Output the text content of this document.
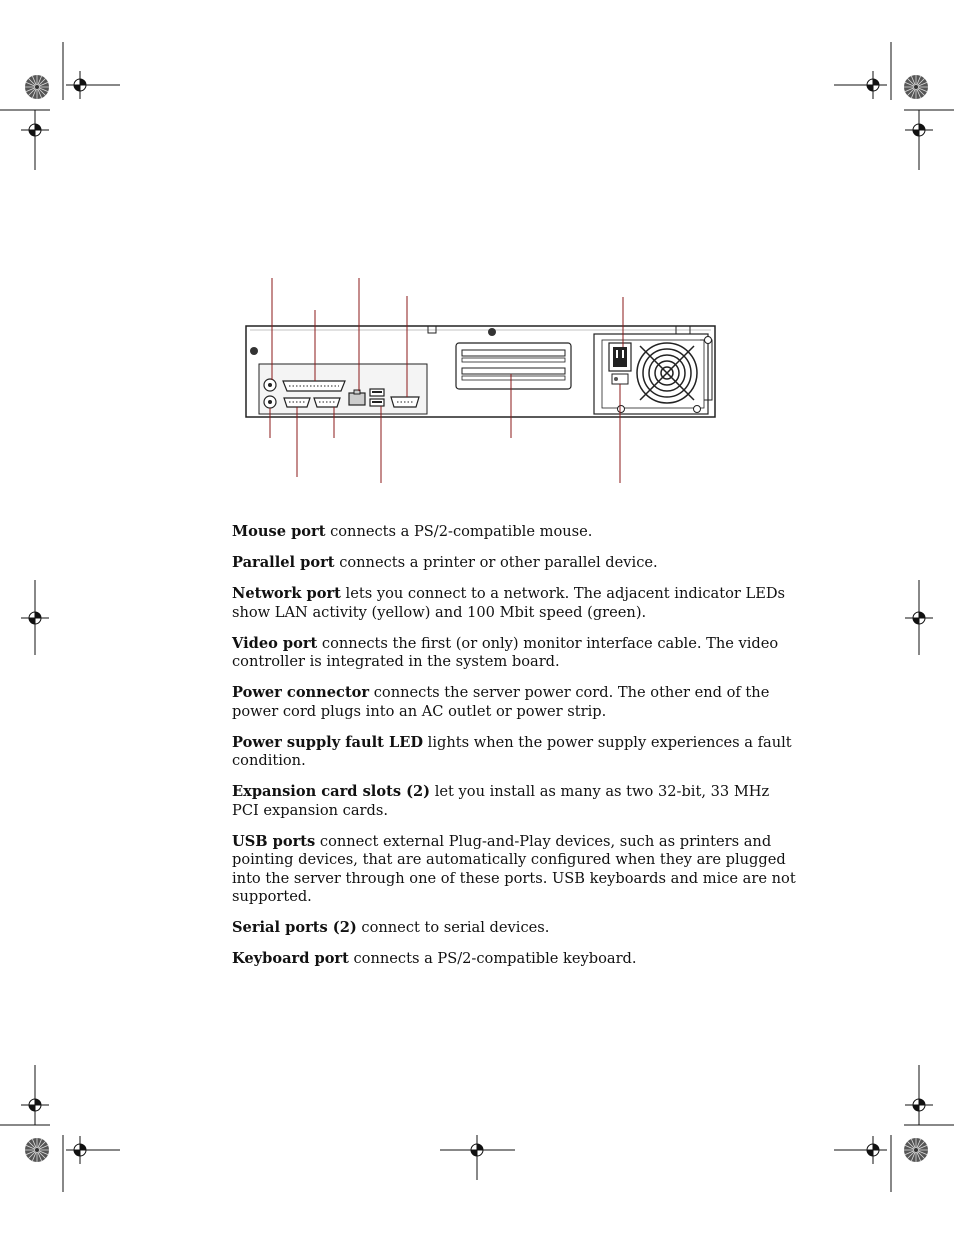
Mouse port connects a PS/2-compatible mouse.

Parallel port connects a printer or other parallel device.

Network port lets you connect to a network. The adjacent indicator LEDs show LAN activity (yellow) and 100 Mbit speed (green).

Video port connects the first (or only) monitor interface cable. The video controller is integrated in the system board.

Power connector connects the server power cord. The other end of the power cord plugs into an AC outlet or power strip.

Power supply fault LED lights when the power supply experiences a fault condition.

Expansion card slots (2) let you install as many as two 32-bit, 33 MHz PCI expansion cards.

USB ports connect external Plug-and-Play devices, such as printers and pointing devices, that are automatically configured when they are plugged into the server through one of these ports. USB keyboards and mice are not supported.

Serial ports (2) connect to serial devices.

Keyboard port connects a PS/2-compatible keyboard.
